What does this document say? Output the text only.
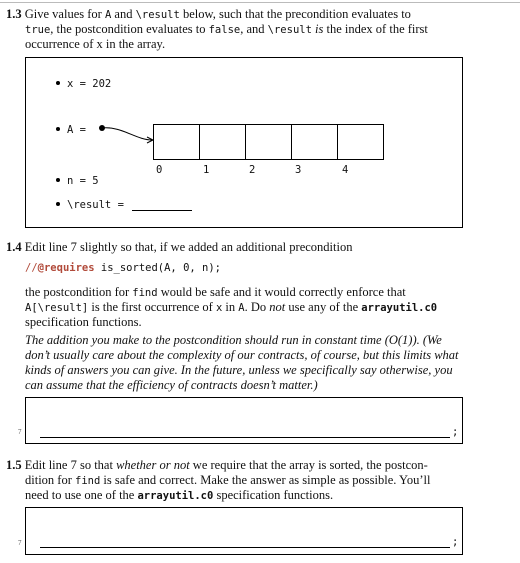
1.3 Give values for A and \result below, such that the precondition evaluates to
true, the postcondition evaluates to false, and \result is the index of the first
occurrence of x in the array.
x = 202
A =
n = 5
\result =
0	1	2	3	4
1.4 Edit line 7 slightly so that, if we added an additional precondition
//@requires is_sorted(A, 0, n);
the postcondition for find would be safe and it would correctly enforce that
A[\result] is the first occurrence of x in A. Do not use any of the arrayutil.c0
specification functions.
The addition you make to the postcondition should run in constant time (O(1)). (We
don’t usually care about the complexity of our contracts, of course, but this limits what
kinds of answers you can give. In the future, unless we specifically say otherwise, you
can assume that the efficiency of contracts doesn’t matter.)
7	;
1.5 Edit line 7 so that whether or not we require that the array is sorted, the postcon-
dition for find is safe and correct. Make the answer as simple as possible. You’ll
need to use one of the arrayutil.c0 specification functions.
7	;
